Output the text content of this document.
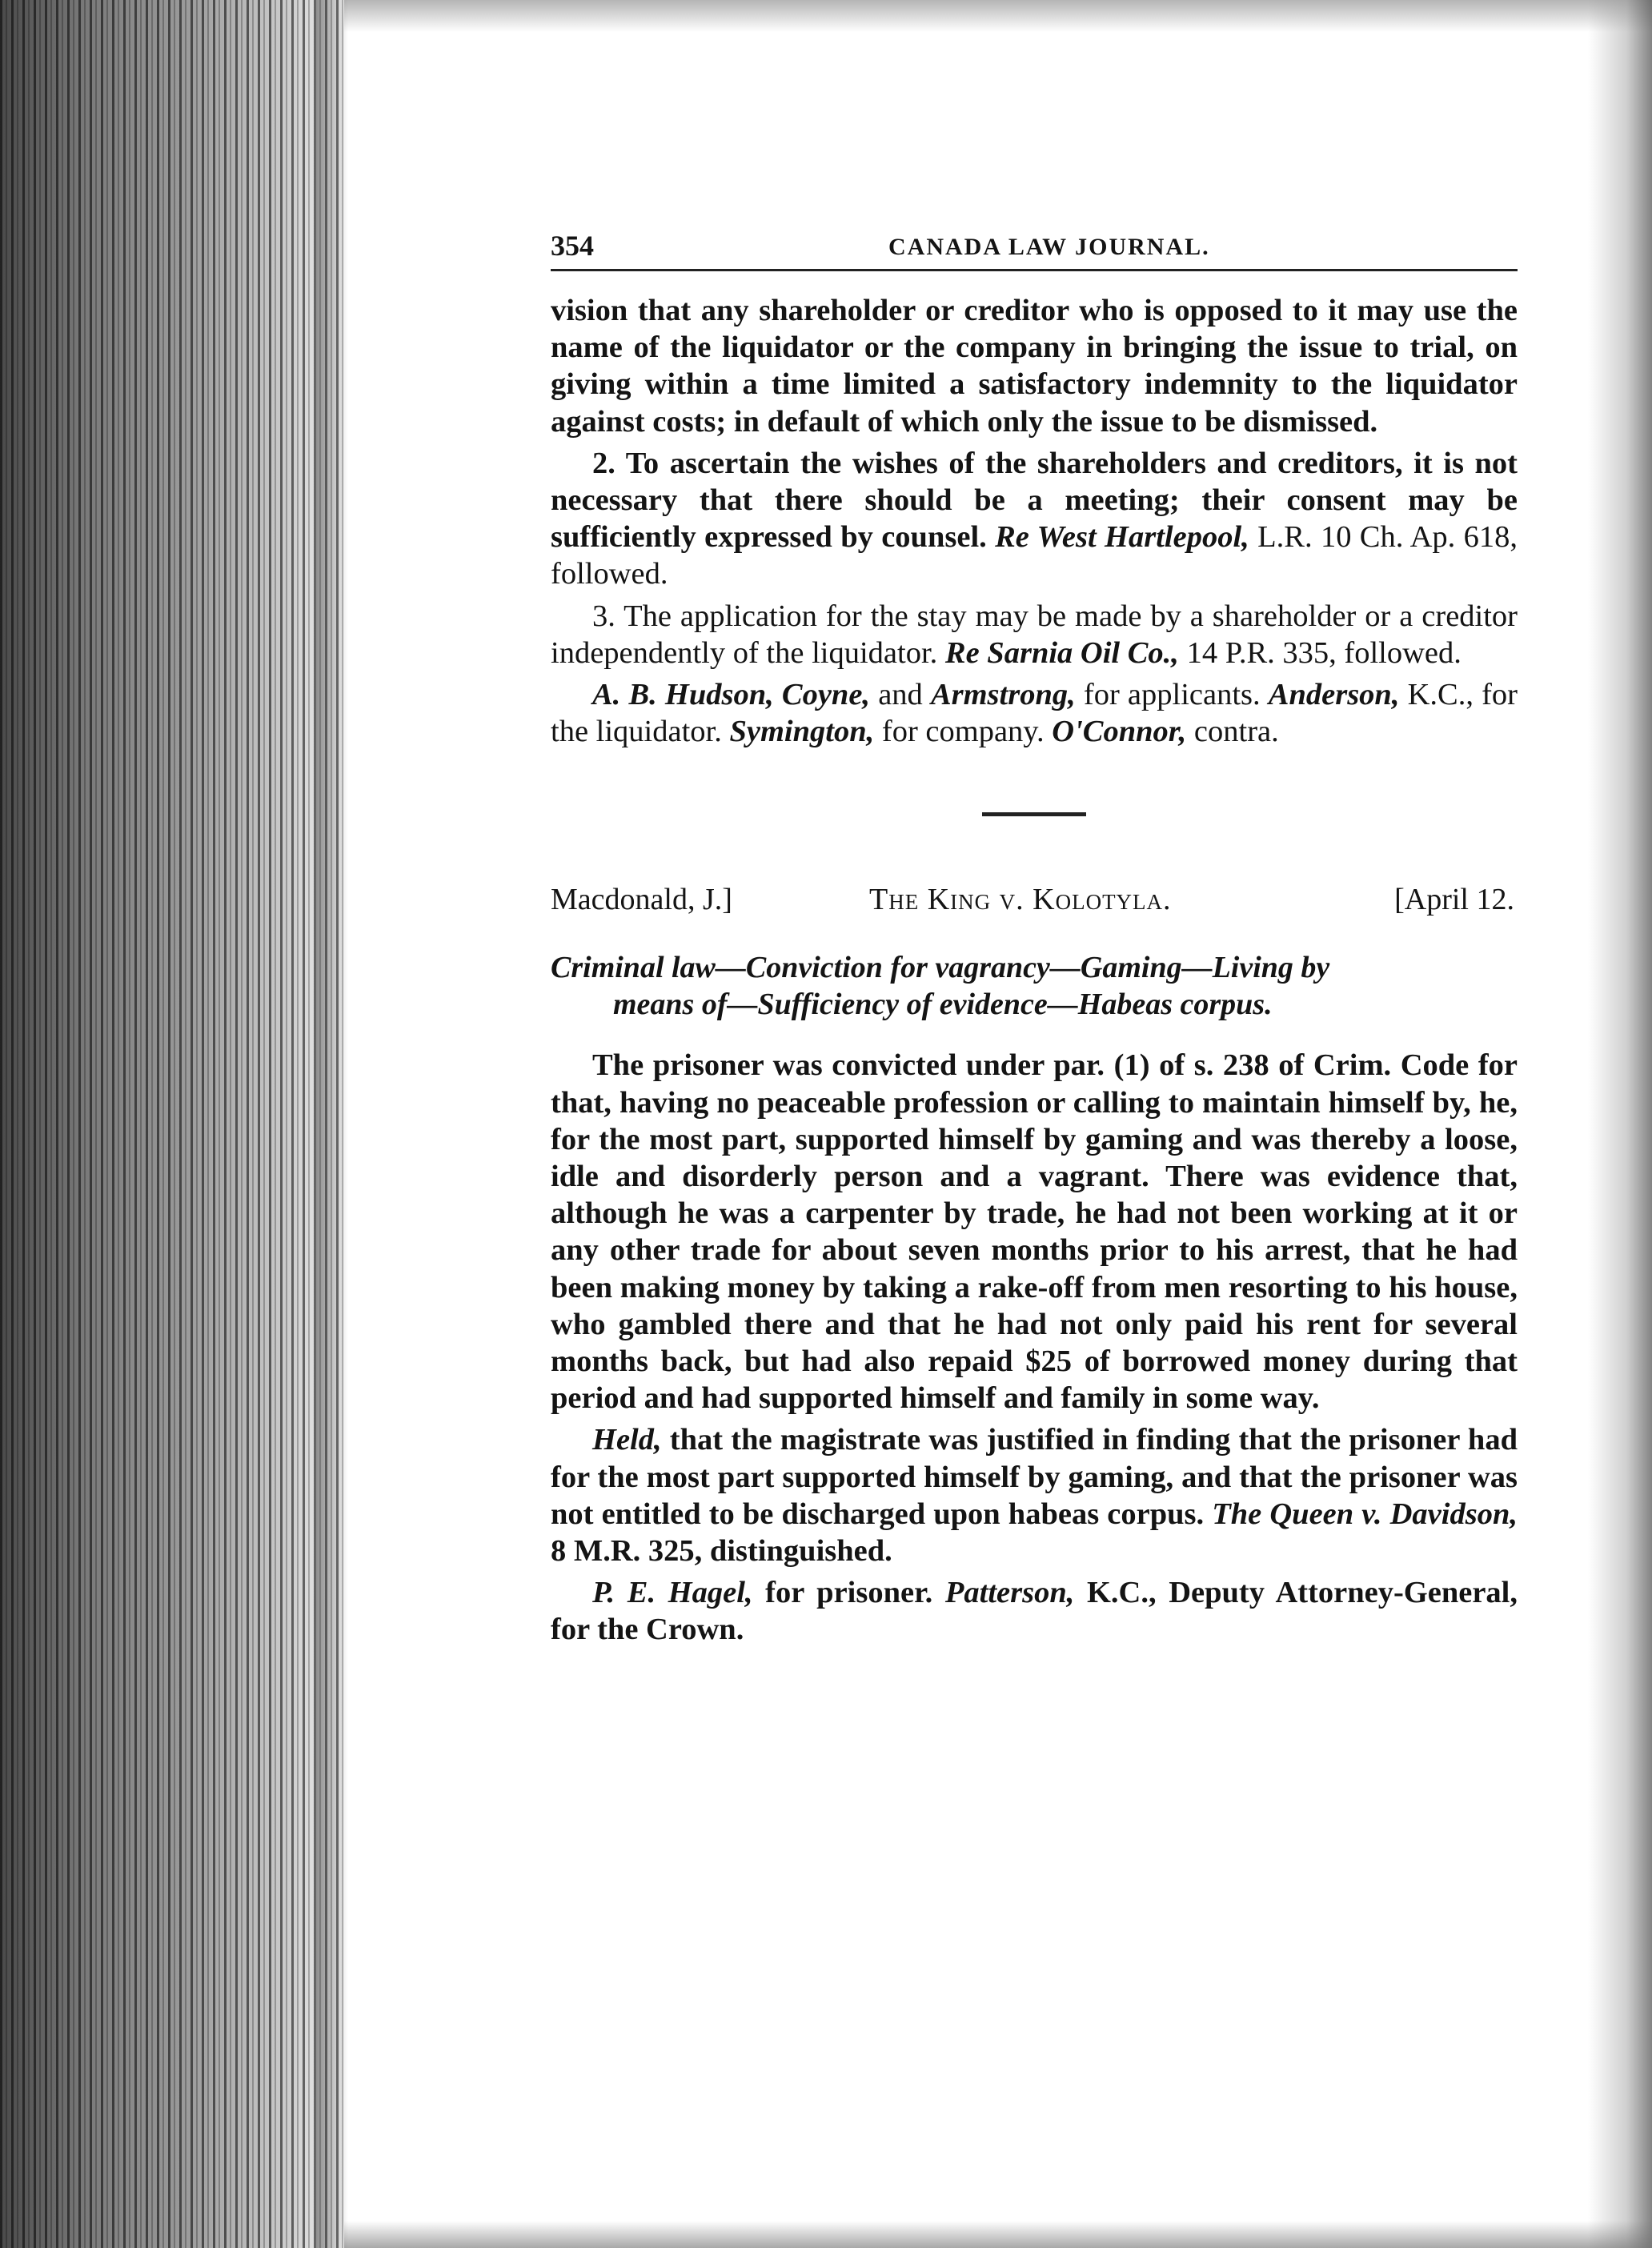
354	CANADA LAW JOURNAL.

vision that any shareholder or creditor who is opposed to it may use the name of the liquidator or the company in bringing the issue to trial, on giving within a time limited a satisfactory indemnity to the liquidator against costs; in default of which only the issue to be dismissed.

2. To ascertain the wishes of the shareholders and creditors, it is not necessary that there should be a meeting; their consent may be sufficiently expressed by counsel. Re West Hartlepool, L.R. 10 Ch. Ap. 618, followed.

3. The application for the stay may be made by a shareholder or a creditor independently of the liquidator. Re Sarnia Oil Co., 14 P.R. 335, followed.

A. B. Hudson, Coyne, and Armstrong, for applicants. Anderson, K.C., for the liquidator. Symington, for company. O'Connor, contra.

Macdonald, J.]	The King v. Kolotyla.	[April 12.
Criminal law—Conviction for vagrancy—Gaming—Living by
means of—Sufficiency of evidence—Habeas corpus.

The prisoner was convicted under par. (1) of s. 238 of Crim. Code for that, having no peaceable profession or calling to maintain himself by, he, for the most part, supported himself by gaming and was thereby a loose, idle and disorderly person and a vagrant. There was evidence that, although he was a carpenter by trade, he had not been working at it or any other trade for about seven months prior to his arrest, that he had been making money by taking a rake-off from men resorting to his house, who gambled there and that he had not only paid his rent for several months back, but had also repaid $25 of borrowed money during that period and had supported himself and family in some way.

Held, that the magistrate was justified in finding that the prisoner had for the most part supported himself by gaming, and that the prisoner was not entitled to be discharged upon habeas corpus. The Queen v. Davidson, 8 M.R. 325, distinguished.

P. E. Hagel, for prisoner. Patterson, K.C., Deputy Attorney-General, for the Crown.
